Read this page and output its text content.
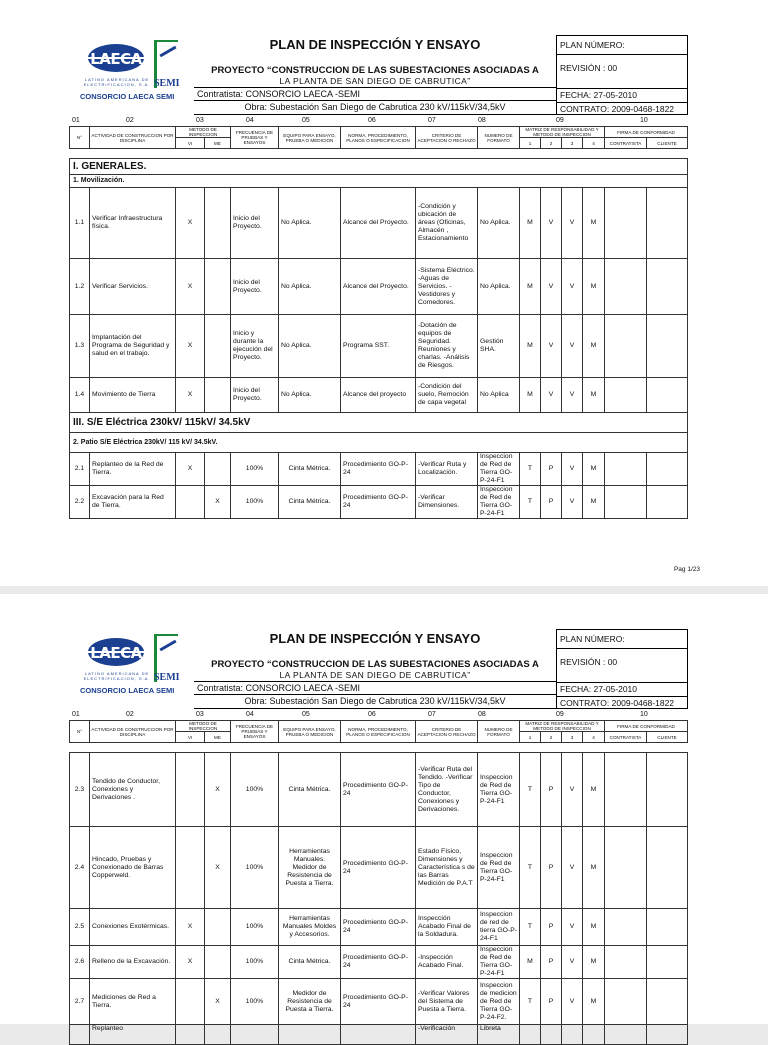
LAECA
LATINO AMERICANA DE ELECTRIFICACION, S.A. SEMI
CONSORCIO LAECA SEMI
PLAN DE INSPECCIÓN Y ENSAYO
PROYECTO “CONSTRUCCION DE LAS SUBESTACIONES ASOCIADAS A
LA PLANTA DE SAN DIEGO DE CABRUTICA”
Contratista: CONSORCIO LAECA -SEMI
Obra: Subestación San Diego de Cabrutica 230 kV/115kV/34,5kV
PLAN NÚMERO:
REVISIÓN : 00
FECHA: 27-05-2010
CONTRATO: 2009-0468-1822
01	02	03	04	05	06	07	08	09	10
N°	ACTIVIDAD DE CONSTRUCCION POR DISCIPLINA	METODO DE INSPECCION		FRECUENCIA DE PRUEBAS Y ENSAYOS	EQUIPO PARA ENSAYO, PRUEBA O MEDICION	NORMA, PROCEDIMIENTO, PLANOS O ESPECIFICACION	CRITERIO DE ACEPTACION O RECHAZO	NUMERO DE FORMATO	MATRIZ DE RESPONSABILIDAD Y METODO DE INSPECCION				FIRMA DE CONFORMIDAD	
		VI	ME						1	2	3	4	CONTRATISTA	CLIENTE

I. GENERALES.														
1. Movilización.														
1.1	Verificar Infraestructura física.	X		Inicio del Proyecto.	No Aplica.	Alcance del Proyecto.	-Condición y ubicación de áreas (Oficinas, Almacén , Estacionamiento	No Aplica.	M	V	V	M		
1.2	Verificar Servicios.	X		Inicio del Proyecto.	No Aplica.	Alcance del Proyecto.	-Sistema Eléctrico. -Aguas de Servicios. -Vestidores y Comedores.	No Aplica.	M	V	V	M		
1.3	Implantación del Programa de Seguridad y salud en el trabajo.	X		Inicio y durante la ejecución del Proyecto.	No Aplica.	Programa SST.	-Dotación de equipos de Seguridad. Reuniones y charlas. -Análisis de Riesgos.	Gestión SHA.	M	V	V	M		
1.4	Movimiento de Tierra	X		Inicio del Proyecto.	No Aplica.	Alcance del proyecto	-Condición del suelo, Remoción de capa vegetal	No Aplica	M	V	V	M		
III. S/E Eléctrica 230kV/ 115kV/ 34.5kV														
2. Patio S/E Eléctrica 230kV/ 115 kV/ 34.5kV.														
2.1	Replanteo de la Red de Tierra.	X		100%	Cinta Métrica.	Procedimiento GO-P-24	-Verificar Ruta y Localización.	Inspeccion de Red de Tierra GO-P-24-F1	T	P	V	M		
2.2	Excavación para la Red de Tierra.		X	100%	Cinta Métrica.	Procedimiento GO-P-24	-Verificar Dimensiones.	Inspeccion de Red de Tierra GO-P-24-F1	T	P	V	M		
Pag 1/23
LAECA
LATINO AMERICANA DE ELECTRIFICACION, S.A. SEMI
CONSORCIO LAECA SEMI
PLAN DE INSPECCIÓN Y ENSAYO
PROYECTO “CONSTRUCCION DE LAS SUBESTACIONES ASOCIADAS A
LA PLANTA DE SAN DIEGO DE CABRUTICA”
Contratista: CONSORCIO LAECA -SEMI
Obra: Subestación San Diego de Cabrutica 230 kV/115kV/34,5kV
PLAN NÚMERO:
REVISIÓN : 00
FECHA: 27-05-2010
CONTRATO: 2009-0468-1822
01	02	03	04	05	06	07	08	09	10
N°	ACTIVIDAD DE CONSTRUCCION POR DISCIPLINA	METODO DE INSPECCION		FRECUENCIA DE PRUEBAS Y ENSAYOS	EQUIPO PARA ENSAYO, PRUEBA O MEDICION	NORMA, PROCEDIMIENTO, PLANOS O ESPECIFICACION	CRITERIO DE ACEPTACION O RECHAZO	NUMERO DE FORMATO	MATRIZ DE RESPONSABILIDAD Y METODO DE INSPECCION				FIRMA DE CONFORMIDAD	
		VI	ME						1	2	3	4	CONTRATISTA	CLIENTE

2.3	Tendido de Conductor, Conexiones y Derivaciones .		X	100%	Cinta Métrica.	Procedimiento GO-P-24	-Verificar Ruta del Tendido. -Verificar Tipo de Conductor, Conexiones y Derivaciones.	Inspeccion de Red de Tierra GO-P-24-F1	T	P	V	M		
2.4	Hincado, Pruebas y Conexionado de Barras Copperweld.		X	100%	Herramientas Manuales. Medidor de Resistencia de Puesta a Tierra.	Procedimiento GO-P-24	Estado Físico, Dimensiones y Característica s de las Barras Medición de P.A.T	Inspeccion de Red de Tierra GO-P-24-F1	T	P	V	M		
2.5	Conexiones Exotérmicas.	X		100%	Herramientas Manuales Moldes y Accesorios.	Procedimiento GO-P-24	Inspección Acabado Final de la Soldadura.	Inspeccion de red de tierra GO-P-24-F1	T	P	V	M		
2.6	Relleno de la Excavación.	X		100%	Cinta Métrica.	Procedimiento GO-P-24	-Inspección Acabado Final.	Inspeccion de Red de Tierra GO-P-24-F1	M	P	V	M		
2.7	Mediciones de Red a Tierra.		X	100%	Medidor de Resistencia de Puesta a Tierra.	Procedimiento GO-P-24	-Verificar Valores del Sistema de Puesta a Tierra.	Inspeccion de medicion de Red de Tierra GO-P-24-F2.	T	P	V	M		
	Replanteo						-Verificación	Libreta						
